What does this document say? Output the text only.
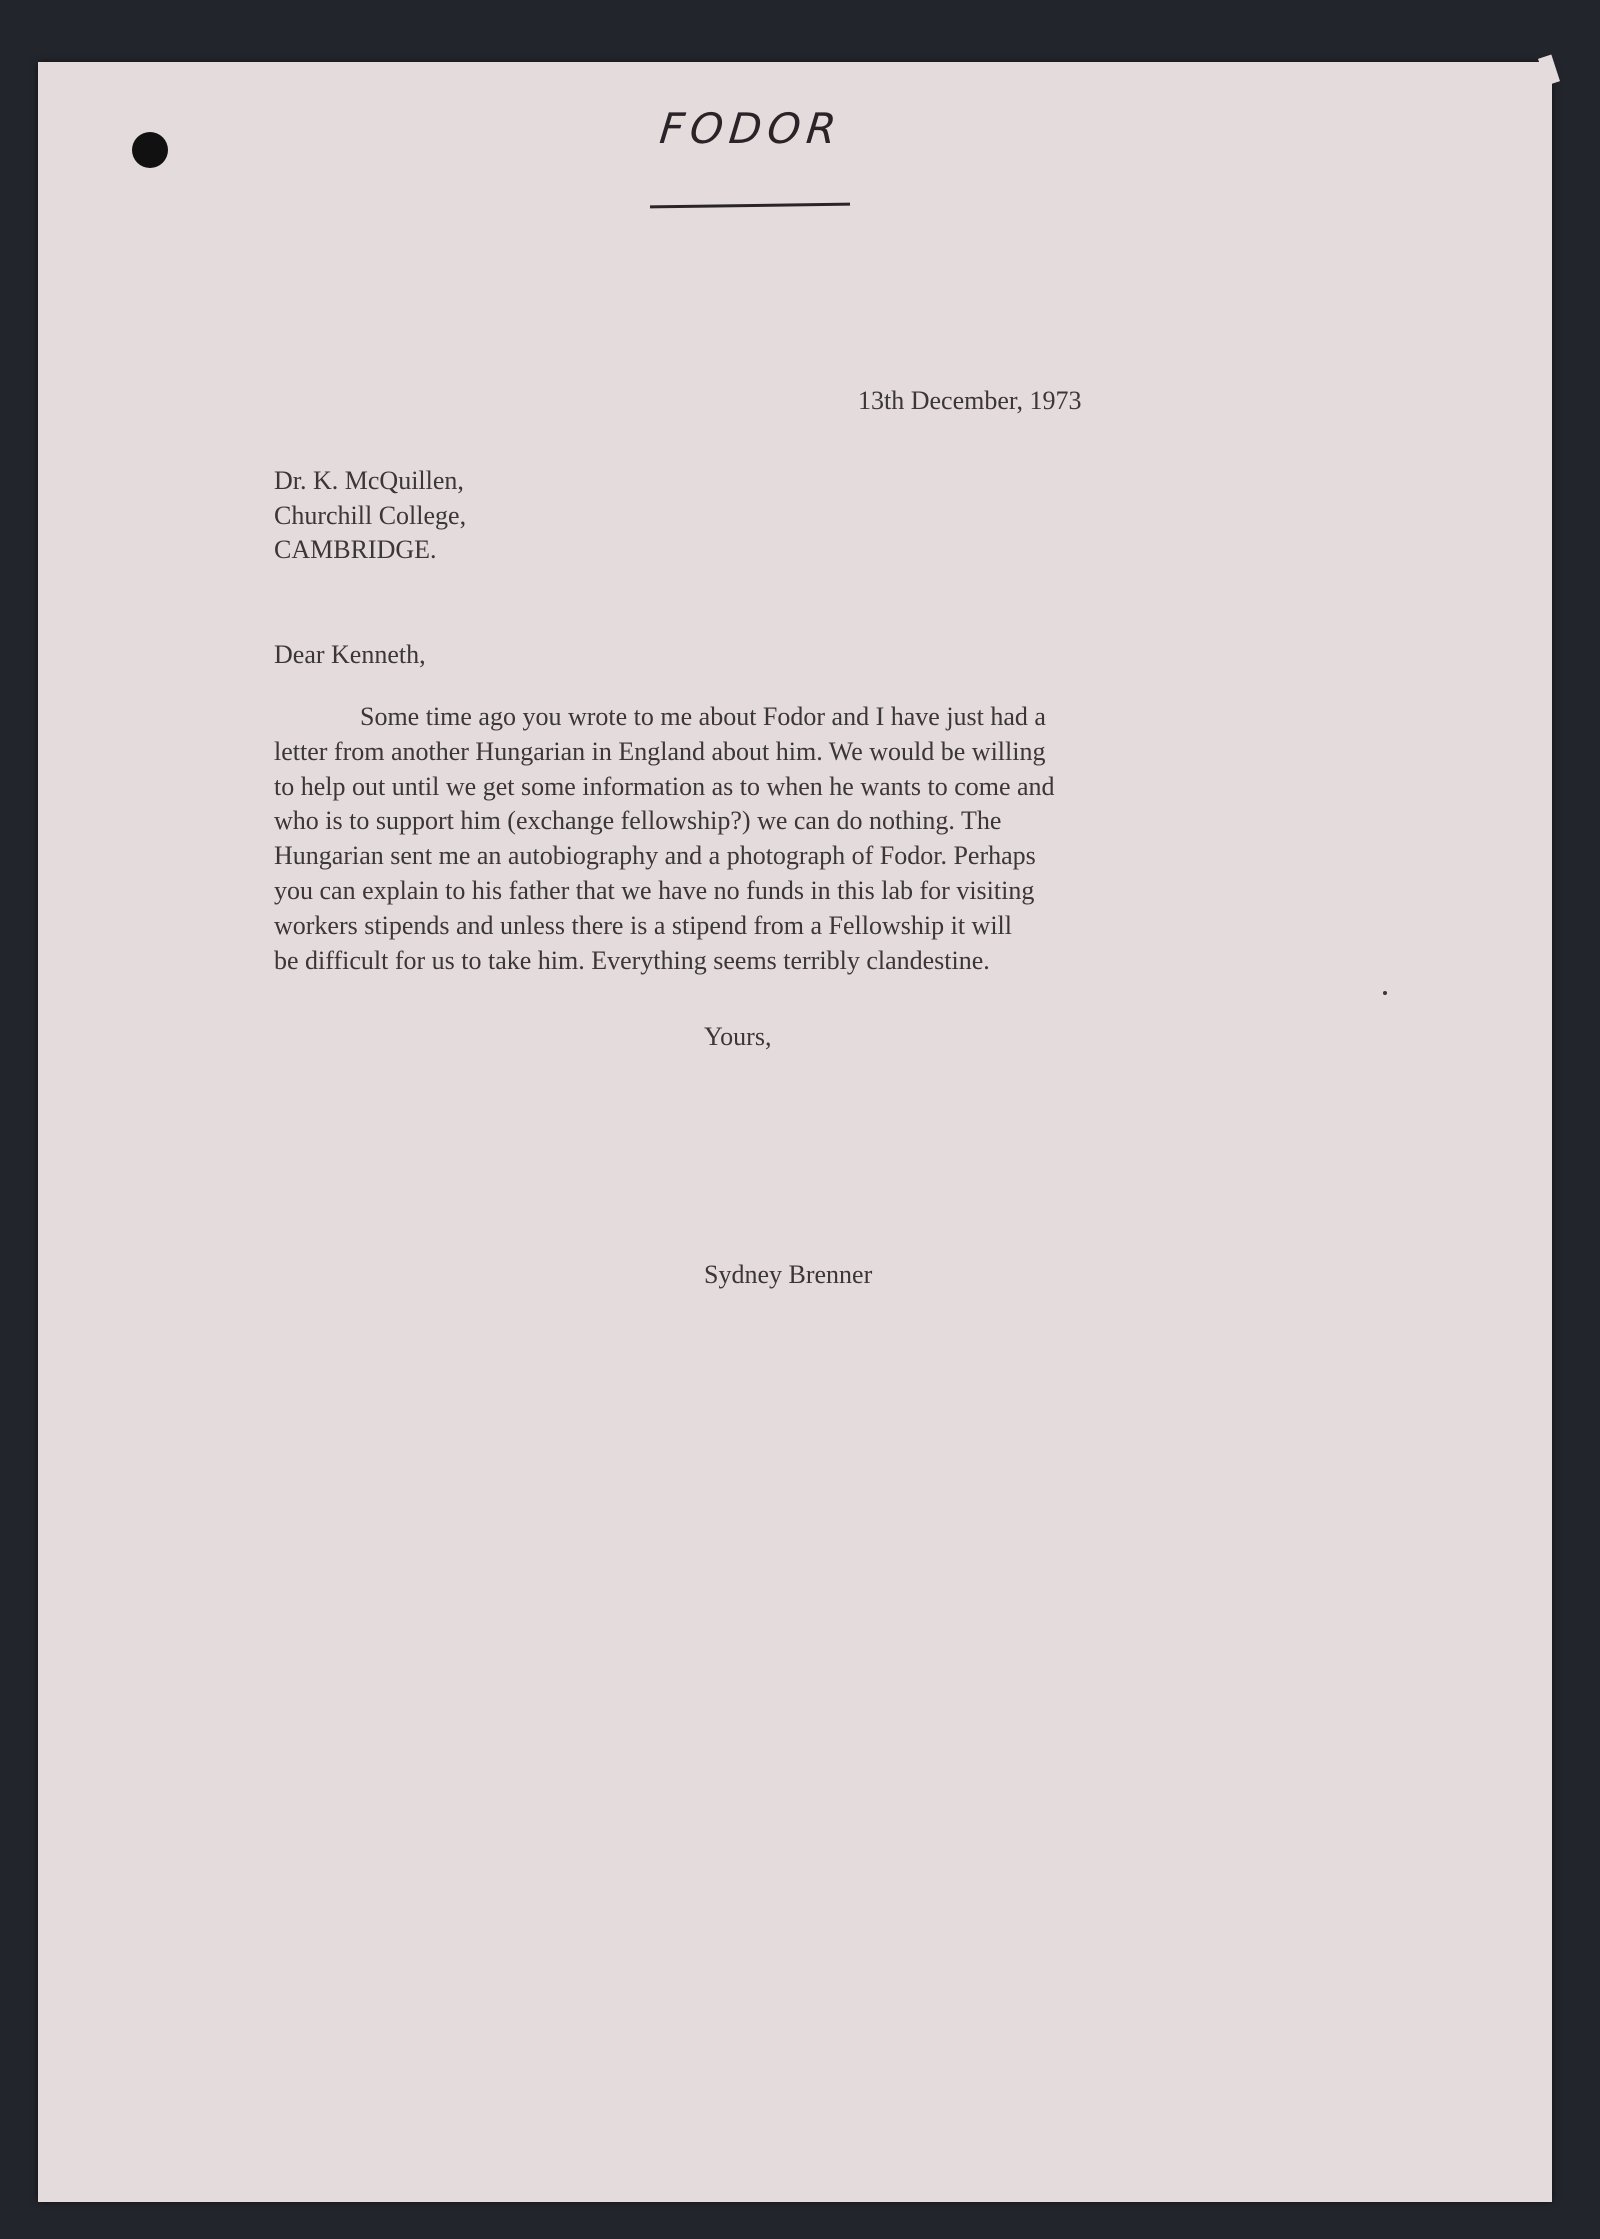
FODOR
13th December, 1973
Dr. K. McQuillen,
Churchill College,
CAMBRIDGE.
Dear Kenneth,
Some time ago you wrote to me about Fodor and I have just had a
letter from another Hungarian in England about him. We would be willing
to help out until we get some information as to when he wants to come and
who is to support him (exchange fellowship?) we can do nothing. The
Hungarian sent me an autobiography and a photograph of Fodor. Perhaps
you can explain to his father that we have no funds in this lab for visiting
workers stipends and unless there is a stipend from a Fellowship it will
be difficult for us to take him. Everything seems terribly clandestine.
Yours,
Sydney Brenner
